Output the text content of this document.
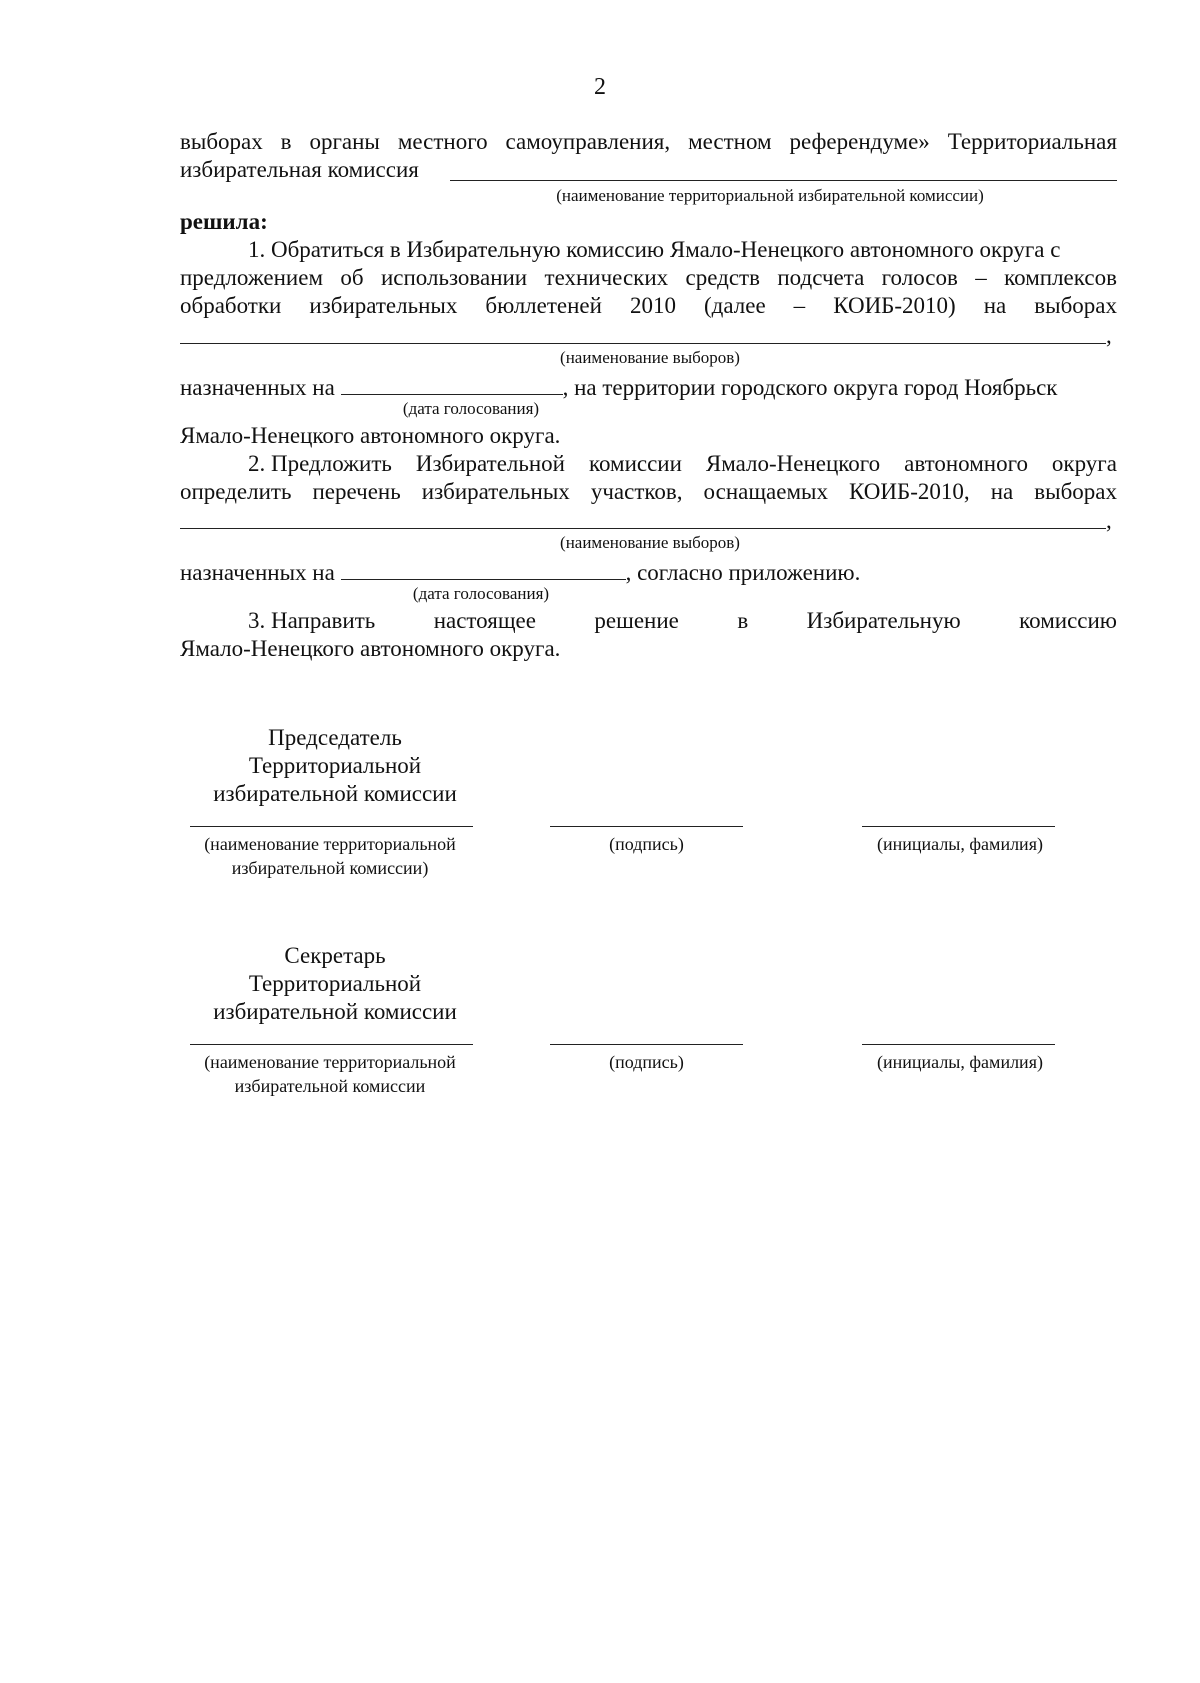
2
выборах в органы местного самоуправления, местном референдуме» Территориальная
избирательная комиссия
(наименование территориальной избирательной комиссии)
решила:
1. Обратиться в Избирательную комиссию Ямало-Ненецкого автономного округа с
предложением об использовании технических средств подсчета голосов – комплексов
обработки избирательных бюллетеней 2010 (далее – КОИБ-2010) на выборах
,
(наименование выборов)
назначенных на	, на территории городского округа город Ноябрьск
(дата голосования)
Ямало-Ненецкого автономного округа.
2. Предложить Избирательной комиссии Ямало-Ненецкого автономного округа
определить перечень избирательных участков, оснащаемых КОИБ-2010, на выборах
,
(наименование выборов)
назначенных на	, согласно приложению.
(дата голосования)
3. Направить	настоящее	решение	в	Избирательную	комиссию
Ямало-Ненецкого автономного округа.
Председатель
Территориальной
избирательной комиссии
(наименование территориальной
избирательной комиссии)
(подпись)	(инициалы, фамилия)
Секретарь
Территориальной
избирательной комиссии
(наименование территориальной
избирательной комиссии
(подпись)	(инициалы, фамилия)
